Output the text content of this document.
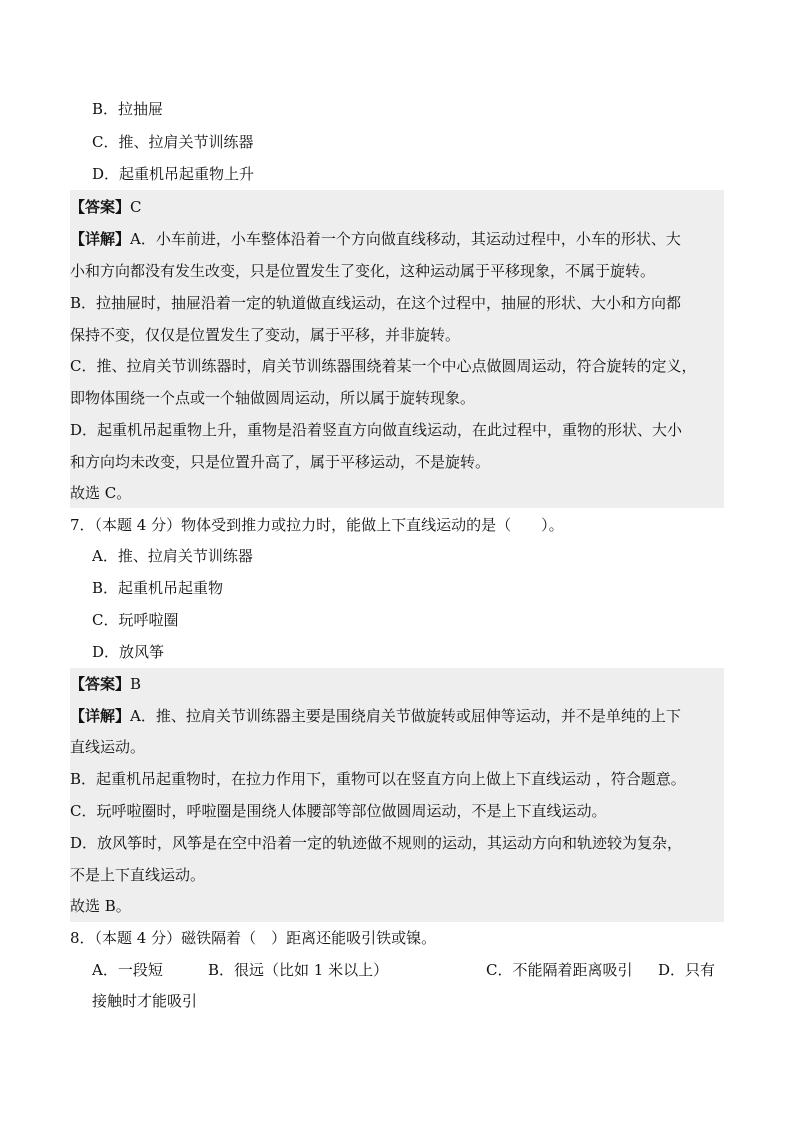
B．拉抽屉
C．推、拉肩关节训练器
D．起重机吊起重物上升
【答案】C
【详解】A．小车前进，小车整体沿着一个方向做直线移动，其运动过程中，小车的形状、大
小和方向都没有发生改变，只是位置发生了变化，这种运动属于平移现象，不属于旋转。
B．拉抽屉时，抽屉沿着一定的轨道做直线运动，在这个过程中，抽屉的形状、大小和方向都
保持不变，仅仅是位置发生了变动，属于平移，并非旋转。
C．推、拉肩关节训练器时，肩关节训练器围绕着某一个中心点做圆周运动，符合旋转的定义，
即物体围绕一个点或一个轴做圆周运动，所以属于旋转现象。
D．起重机吊起重物上升，重物是沿着竖直方向做直线运动，在此过程中，重物的形状、大小
和方向均未改变，只是位置升高了，属于平移运动，不是旋转。
故选 C。
7．（本题 4 分）物体受到推力或拉力时，能做上下直线运动的是（　　）。
A．推、拉肩关节训练器
B．起重机吊起重物
C．玩呼啦圈
D．放风筝
【答案】B
【详解】A．推、拉肩关节训练器主要是围绕肩关节做旋转或屈伸等运动，并不是单纯的上下
直线运动。
B．起重机吊起重物时，在拉力作用下，重物可以在竖直方向上做上下直线运动 ，符合题意。
C．玩呼啦圈时，呼啦圈是围绕人体腰部等部位做圆周运动，不是上下直线运动。
D．放风筝时，风筝是在空中沿着一定的轨迹做不规则的运动，其运动方向和轨迹较为复杂，
不是上下直线运动。
故选 B。
8．（本题 4 分）磁铁隔着（　）距离还能吸引铁或镍。
A．一段短	B．很远（比如 1 米以上）	C．不能隔着距离吸引 D．只有
接触时才能吸引
